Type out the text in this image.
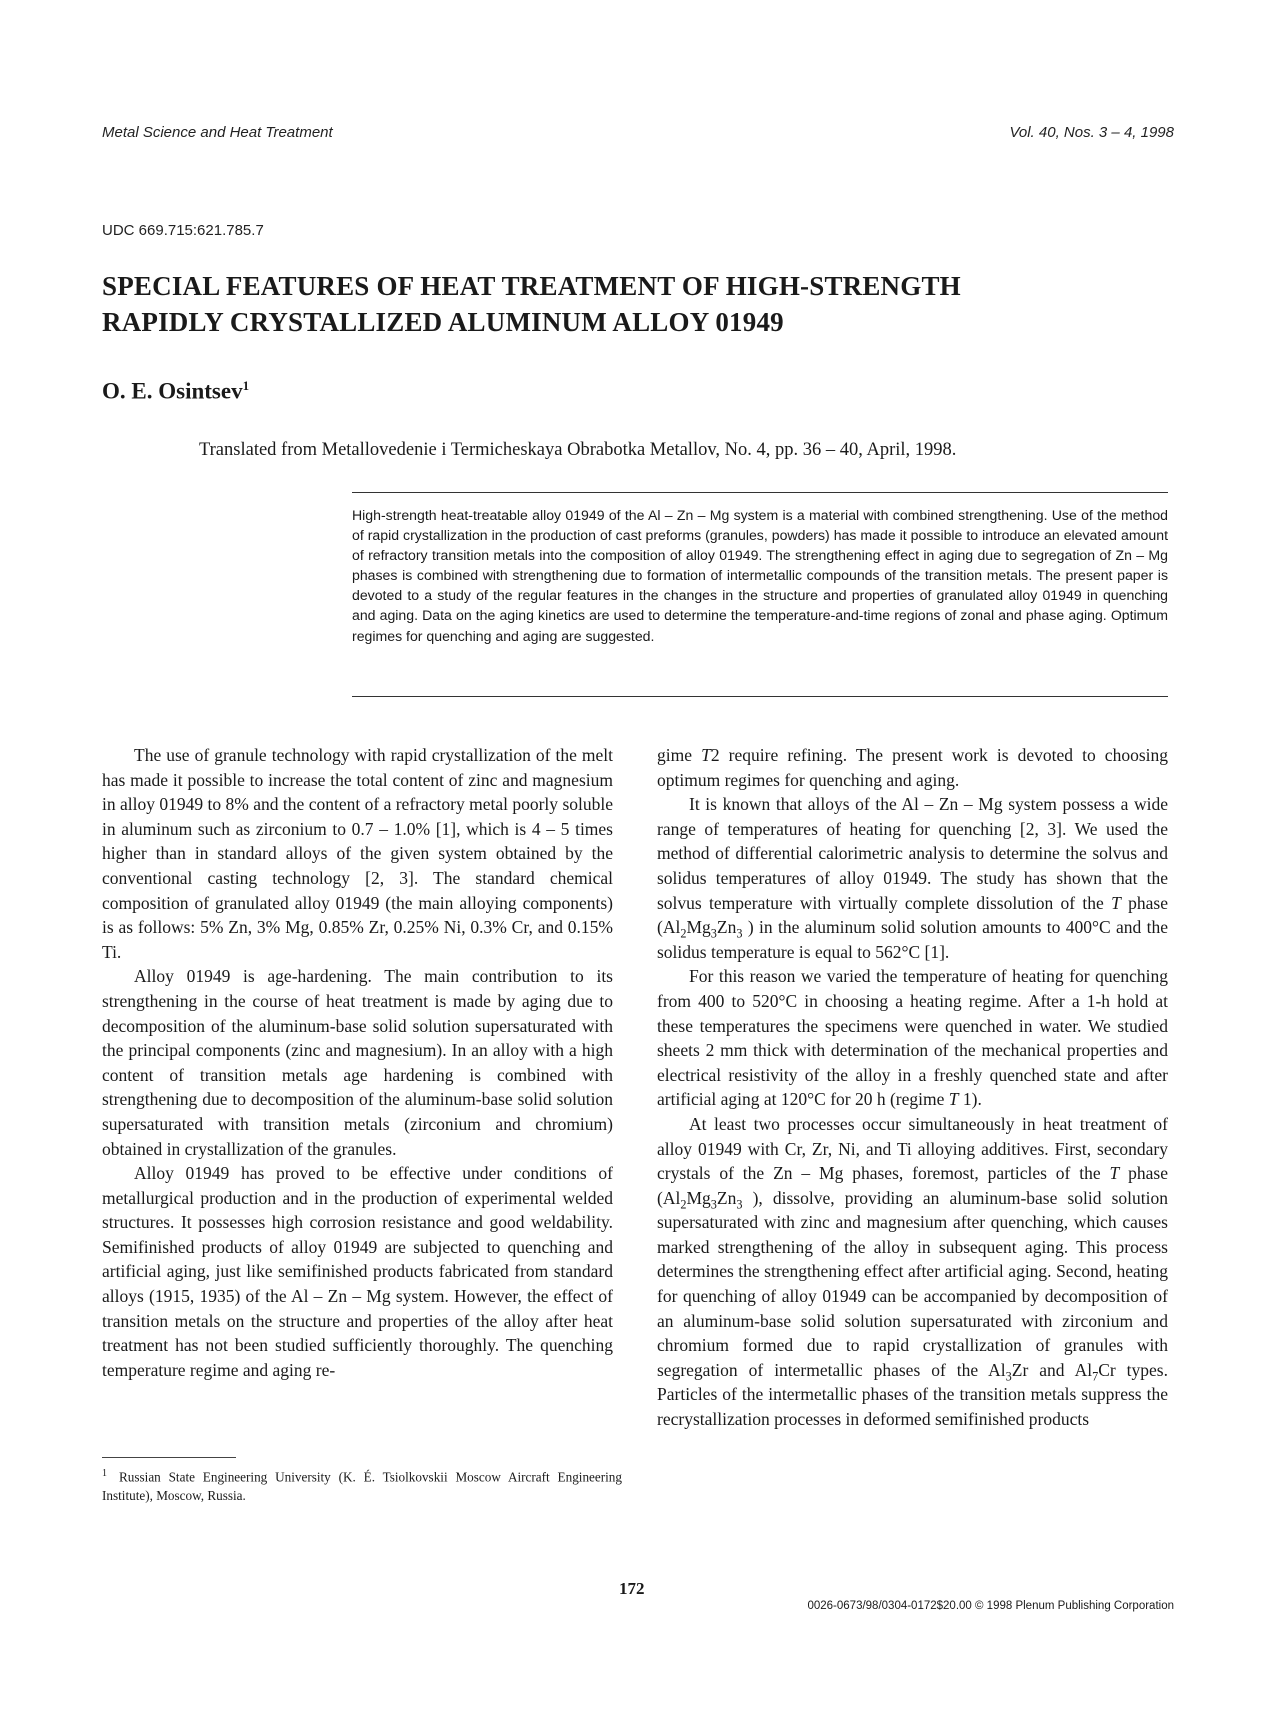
Metal Science and Heat Treatment	Vol. 40, Nos. 3 – 4, 1998
UDC 669.715:621.785.7
SPECIAL FEATURES OF HEAT TREATMENT OF HIGH-STRENGTH
RAPIDLY CRYSTALLIZED ALUMINUM ALLOY 01949
O. E. Osintsev$^1$
Translated from Metallovedenie i Termicheskaya Obrabotka Metallov, No. 4, pp. 36 – 40, April, 1998.

High-strength heat-treatable alloy 01949 of the Al – Zn – Mg system is a material with combined strengthening. Use of the method of rapid crystallization in the production of cast preforms (granules, powders) has made it possible to introduce an elevated amount of refractory transition metals into the composition of alloy 01949. The strengthening effect in aging due to segregation of Zn – Mg phases is combined with strengthening due to formation of intermetallic compounds of the transition metals. The present paper is devoted to a study of the regular features in the changes in the structure and properties of granulated alloy 01949 in quenching and aging. Data on the aging kinetics are used to determine the temperature-and-time regions of zonal and phase aging. Optimum regimes for quenching and aging are suggested.

The use of granule technology with rapid crystallization of the melt has made it possible to increase the total content of zinc and magnesium in alloy 01949 to 8% and the content of a refractory metal poorly soluble in aluminum such as zirconium to 0.7 – 1.0% [1], which is 4 – 5 times higher than in standard alloys of the given system obtained by the conventional casting technology [2, 3]. The standard chemical composition of granulated alloy 01949 (the main alloying components) is as follows: 5% Zn, 3% Mg, 0.85% Zr, 0.25% Ni, 0.3% Cr, and 0.15% Ti.

Alloy 01949 is age-hardening. The main contribution to its strengthening in the course of heat treatment is made by aging due to decomposition of the aluminum-base solid solution supersaturated with the principal components (zinc and magnesium). In an alloy with a high content of transition metals age hardening is combined with strengthening due to decomposition of the aluminum-base solid solution supersaturated with transition metals (zirconium and chromium) obtained in crystallization of the granules.

Alloy 01949 has proved to be effective under conditions of metallurgical production and in the production of experimental welded structures. It possesses high corrosion resistance and good weldability. Semifinished products of alloy 01949 are subjected to quenching and artificial aging, just like semifinished products fabricated from standard alloys (1915, 1935) of the Al – Zn – Mg system. However, the effect of transition metals on the structure and properties of the alloy after heat treatment has not been studied sufficiently thoroughly. The quenching temperature regime and aging re-

gime T2 require refining. The present work is devoted to choosing optimum regimes for quenching and aging.

It is known that alloys of the Al – Zn – Mg system possess a wide range of temperatures of heating for quenching [2, 3]. We used the method of differential calorimetric analysis to determine the solvus and solidus temperatures of alloy 01949. The study has shown that the solvus temperature with virtually complete dissolution of the T phase ($Al_2Mg_3Zn_3$ ) in the aluminum solid solution amounts to 400°C and the solidus temperature is equal to 562°C [1].

For this reason we varied the temperature of heating for quenching from 400 to 520°C in choosing a heating regime. After a 1-h hold at these temperatures the specimens were quenched in water. We studied sheets 2 mm thick with determination of the mechanical properties and electrical resistivity of the alloy in a freshly quenched state and after artificial aging at 120°C for 20 h (regime T 1).

At least two processes occur simultaneously in heat treatment of alloy 01949 with Cr, Zr, Ni, and Ti alloying additives. First, secondary crystals of the Zn – Mg phases, foremost, particles of the T phase ($Al_2Mg_3Zn_3$ ), dissolve, providing an aluminum-base solid solution supersaturated with zinc and magnesium after quenching, which causes marked strengthening of the alloy in subsequent aging. This process determines the strengthening effect after artificial aging. Second, heating for quenching of alloy 01949 can be accompanied by decomposition of an aluminum-base solid solution supersaturated with zirconium and chromium formed due to rapid crystallization of granules with segregation of intermetallic phases of the $Al_3Zr$ and $Al_7Cr$ types. Particles of the intermetallic phases of the transition metals suppress the recrystallization processes in deformed semifinished products

$^1$ Russian State Engineering University (K. É. Tsiolkovskii Moscow Aircraft Engineering Institute), Moscow, Russia.
172
0026-0673/98/0304-0172$20.00 © 1998 Plenum Publishing Corporation
